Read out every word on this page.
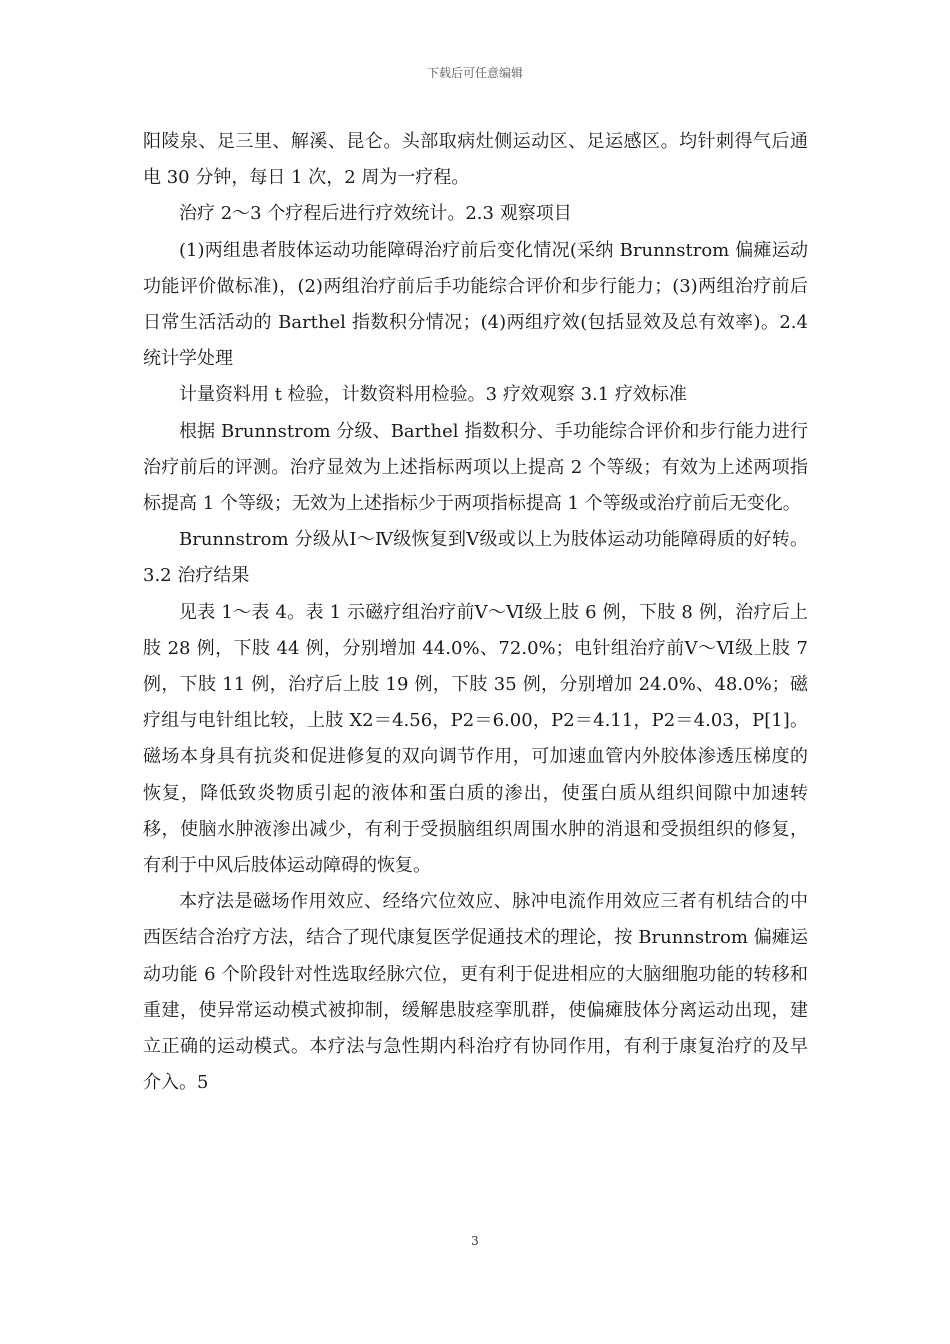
下载后可任意编辑

阳陵泉、足三里、解溪、昆仑。头部取病灶侧运动区、足运感区。均针刺得气后通电 30 分钟，每日 1 次，2 周为一疗程。

治疗 2～3 个疗程后进行疗效统计。2.3 观察项目

(1)两组患者肢体运动功能障碍治疗前后变化情况(采纳 Brunnstrom 偏瘫运动功能评价做标准)，(2)两组治疗前后手功能综合评价和步行能力；(3)两组治疗前后日常生活活动的 Barthel 指数积分情况；(4)两组疗效(包括显效及总有效率)。2.4 统计学处理

计量资料用 t 检验，计数资料用检验。3 疗效观察 3.1 疗效标准

根据 Brunnstrom 分级、Barthel 指数积分、手功能综合评价和步行能力进行治疗前后的评测。治疗显效为上述指标两项以上提高 2 个等级；有效为上述两项指标提高 1 个等级；无效为上述指标少于两项指标提高 1 个等级或治疗前后无变化。

Brunnstrom 分级从Ⅰ～Ⅳ级恢复到Ⅴ级或以上为肢体运动功能障碍质的好转。3.2 治疗结果

见表 1～表 4。表 1 示磁疗组治疗前Ⅴ～Ⅵ级上肢 6 例，下肢 8 例，治疗后上肢 28 例，下肢 44 例，分别增加 44.0%、72.0%；电针组治疗前Ⅴ～Ⅵ级上肢 7 例，下肢 11 例，治疗后上肢 19 例，下肢 35 例，分别增加 24.0%、48.0%；磁疗组与电针组比较，上肢 X2＝4.56，P2＝6.00，P2＝4.11，P2＝4.03，P[1]。磁场本身具有抗炎和促进修复的双向调节作用，可加速血管内外胶体渗透压梯度的恢复，降低致炎物质引起的液体和蛋白质的渗出，使蛋白质从组织间隙中加速转移，使脑水肿液渗出减少，有利于受损脑组织周围水肿的消退和受损组织的修复，有利于中风后肢体运动障碍的恢复。

本疗法是磁场作用效应、经络穴位效应、脉冲电流作用效应三者有机结合的中西医结合治疗方法，结合了现代康复医学促通技术的理论，按 Brunnstrom 偏瘫运动功能 6 个阶段针对性选取经脉穴位，更有利于促进相应的大脑细胞功能的转移和重建，使异常运动模式被抑制，缓解患肢痉挛肌群，使偏瘫肢体分离运动出现，建立正确的运动模式。本疗法与急性期内科治疗有协同作用，有利于康复治疗的及早介入。5

3
